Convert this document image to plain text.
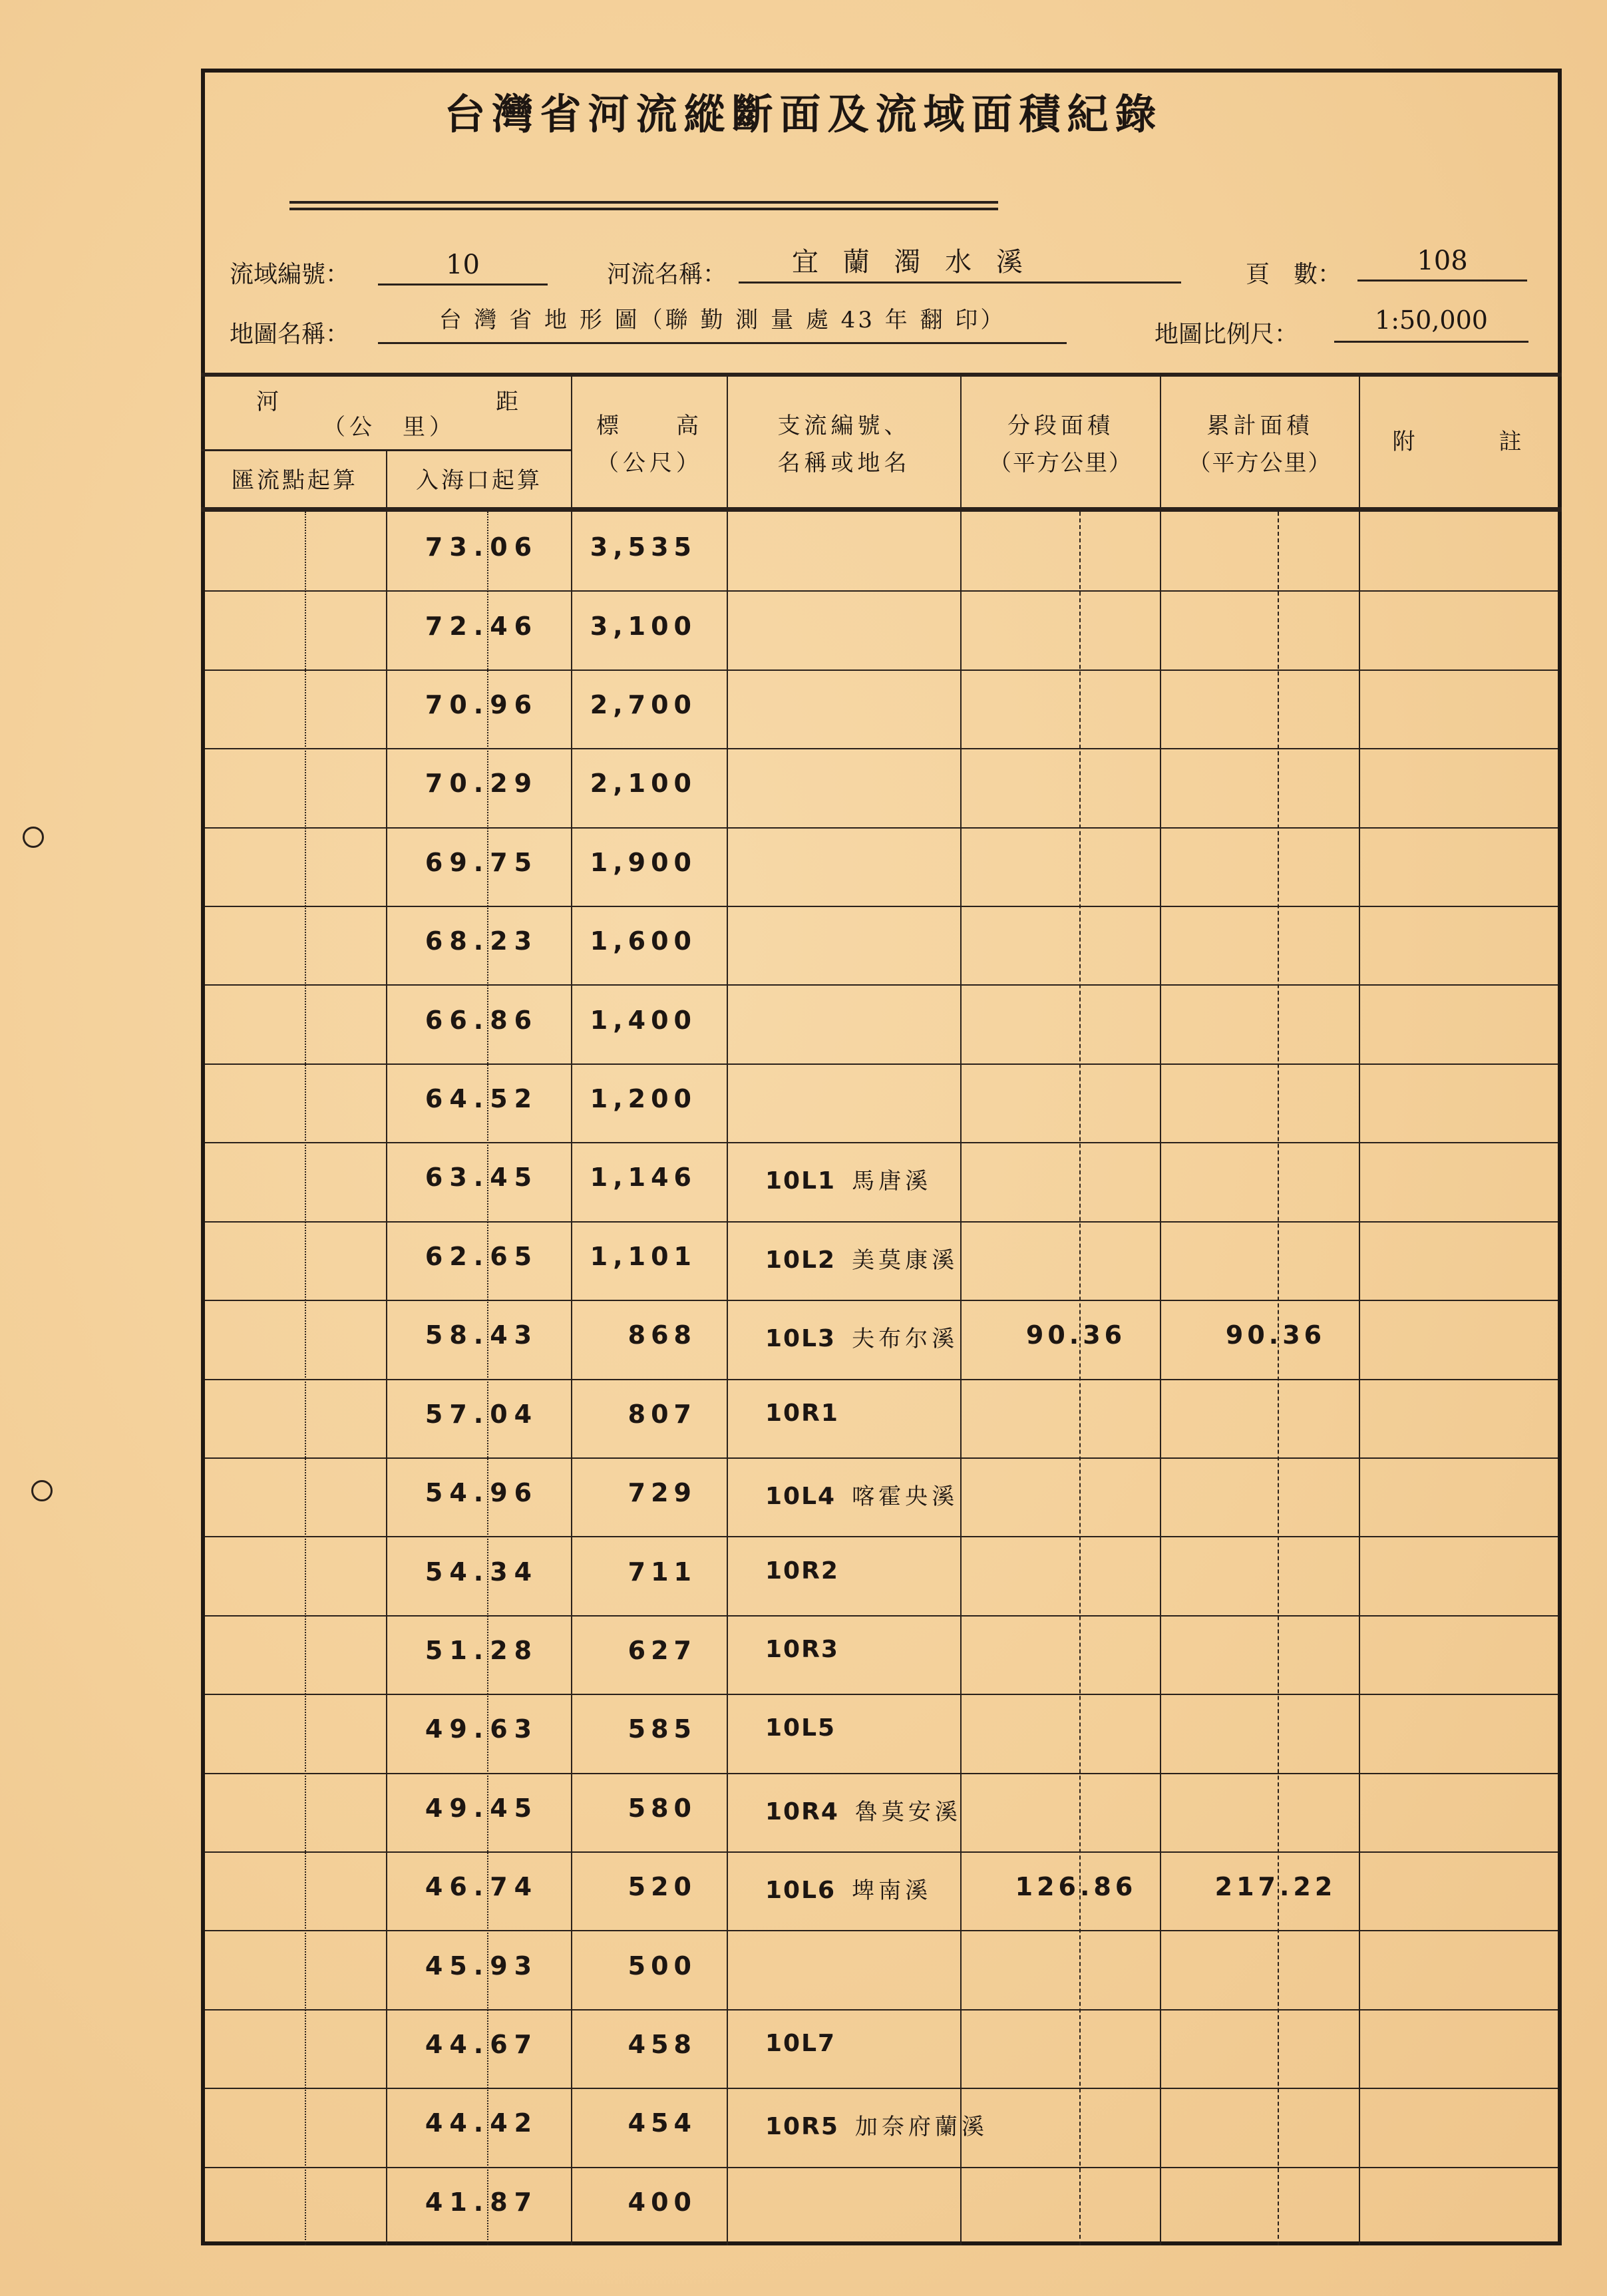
台灣省河流縱斷面及流域面積紀錄
流域編號：	10	河流名稱：	宜 蘭 濁 水 溪	頁　數：	108
地圖名稱：
台 灣 省 地 形 圖（聯 勤 測 量 處 43 年 翻 印）
地圖比例尺：	1:50,000
河	距
（公　里）
匯流點起算	入海口起算
標　　高
（公尺）
支流編號、
名稱或地名
分段面積
（平方公里）
累計面積
（平方公里）
附　　　註
73.06	3,535
72.46	3,100
70.96	2,700
70.29	2,100
69.75	1,900
68.23	1,600
66.86	1,400
64.52	1,200
63.45	1,146	10L1 馬唐溪
62.65	1,101	10L2 美莫康溪
58.43	868	10L3 夫布尔溪	90.36	90.36
57.04	807	10R1
54.96	729	10L4 喀霍央溪
54.34	711	10R2
51.28	627	10R3
49.63	585	10L5
49.45	580	10R4 魯莫安溪
46.74	520	10L6 埤南溪	126.86	217.22
45.93	500
44.67	458	10L7
44.42	454	10R5 加奈府蘭溪
41.87	400
